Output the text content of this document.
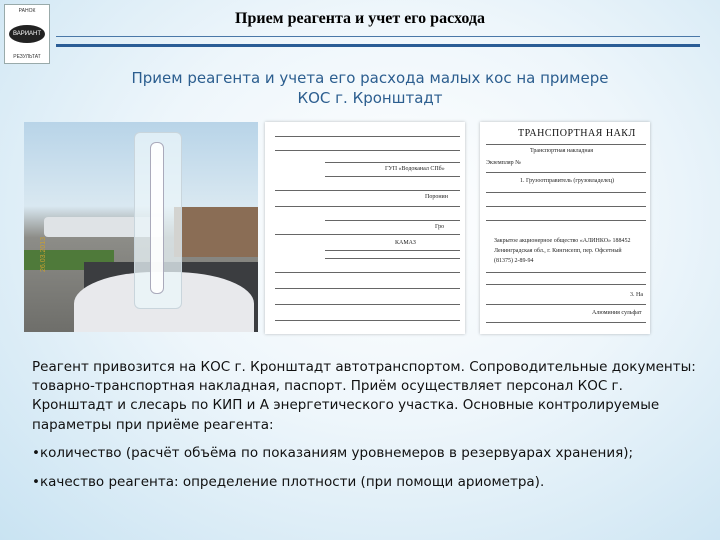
РАНОК
ВАРИАНТ
РЕЗУЛЬТАТ
Прием реагента и учет его расхода
Прием реагента и учета его расхода малых кос на примере
КОС г. Кронштадт
26.03.2013
ГУП «Водоканал СПб»
Поронин
КАМАЗ
Гро
ТРАНСПОРТНАЯ НАКЛ
Транспортная накладная
Экземпляр №
1. Грузоотправитель (грузовладелец)
Закрытое акционерное общество «АЛИНКО» 188452
Ленинградская обл., г. Кингисепп, пер. Офсетный
(81375) 2-89-94
3. На
Алюминия сульфат

Реагент привозится на КОС г. Кронштадт автотранспортом. Сопроводительные документы: товарно-транспортная накладная, паспорт. Приём осуществляет персонал КОС г. Кронштадт и слесарь по КИП и А энергетического участка. Основные контролируемые параметры при приёме реагента:

•количество (расчёт объёма по показаниям уровнемеров в резервуарах хранения);
•качество реагента: определение плотности (при помощи ариометра).
